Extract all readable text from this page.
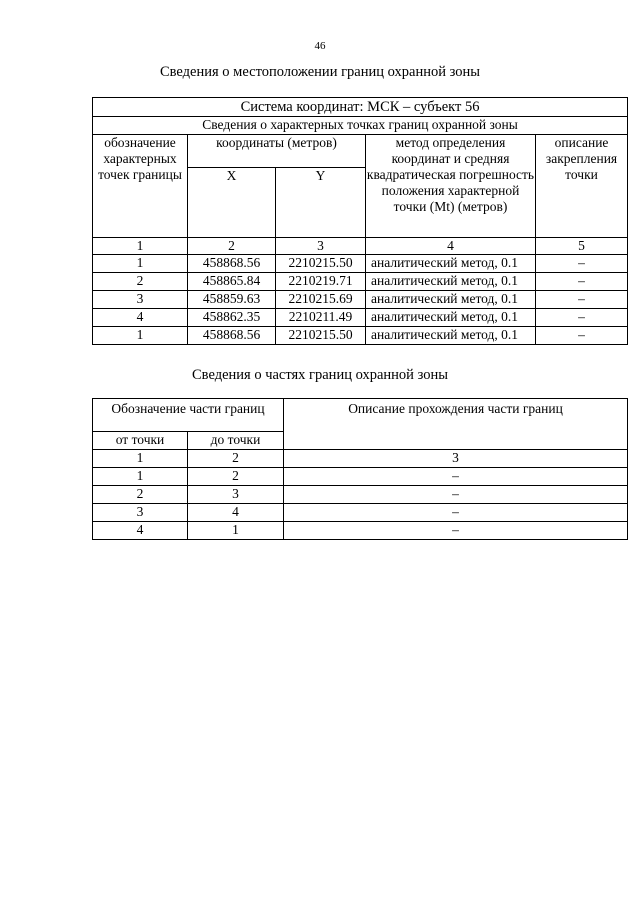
46
Сведения о местоположении границ охранной зоны
Система координат: МСК – субъект 56				
Сведения о характерных точках границ охранной зоны				
обозначение характерных точек границы	координаты (метров)		метод определения координат и средняя квадратическая погрешность положения характерной точки (Mt) (метров)	описание закрепления точки
	X	Y		
1	2	3	4	5
1	458868.56	2210215.50	аналитический метод, 0.1	–
2	458865.84	2210219.71	аналитический метод, 0.1	–
3	458859.63	2210215.69	аналитический метод, 0.1	–
4	458862.35	2210211.49	аналитический метод, 0.1	–
1	458868.56	2210215.50	аналитический метод, 0.1	–
Сведения о частях границ охранной зоны
Обозначение части границ		Описание прохождения части границ
от точки	до точки	
1	2	3
1	2	–
2	3	–
3	4	–
4	1	–
